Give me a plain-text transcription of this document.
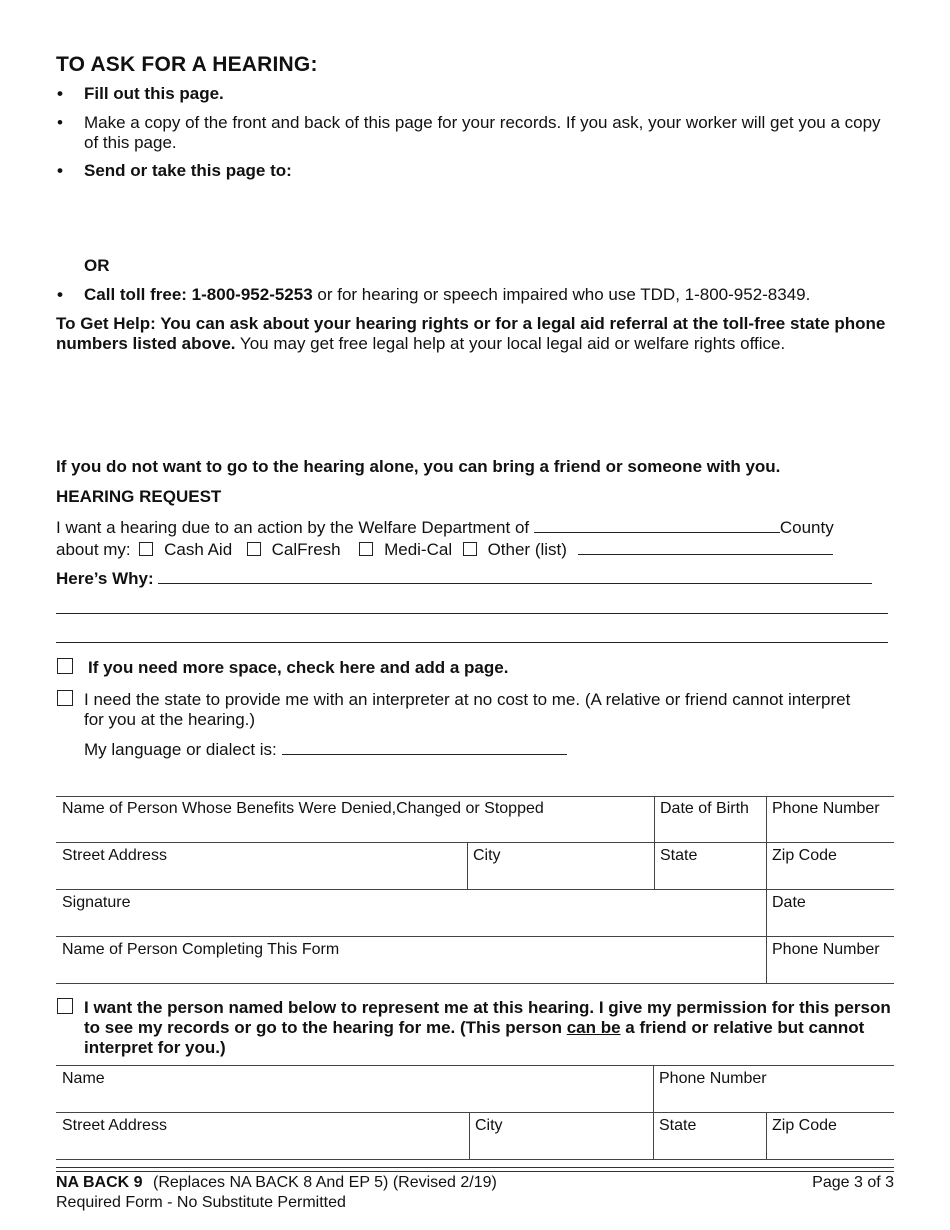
TO ASK FOR A HEARING:
• Fill out this page.
• Make a copy of the front and back of this page for your records. If you ask, your worker will get you a copy of this page.
• Send or take this page to:
OR
• Call toll free: 1-800-952-5253 or for hearing or speech impaired who use TDD, 1-800-952-8349.
To Get Help: You can ask about your hearing rights or for a legal aid referral at the toll-free state phone numbers listed above. You may get free legal help at your local legal aid or welfare rights office.
If you do not want to go to the hearing alone, you can bring a friend or someone with you.
HEARING REQUEST
I want a hearing due to an action by the Welfare Department of	County
about my: Cash Aid CalFresh	Medi-Cal Other (list)
Here’s Why:
If you need more space, check here and add a page.
I need the state to provide me with an interpreter at no cost to me. (A relative or friend cannot interpret for you at the hearing.)
My language or dialect is:
Name of Person Whose Benefits Were Denied,Changed or Stopped	Date of Birth Phone Number
Street Address	City	State	Zip Code
Signature	Date
Name of Person Completing This Form	Phone Number
I want the person named below to represent me at this hearing. I give my permission for this person to see my records or go to the hearing for me. (This person can be a friend or relative but cannot interpret for you.)
Name	Phone Number
Street Address	City	State	Zip Code
NA BACK 9 (Replaces NA BACK 8 And EP 5) (Revised 2/19)	Page 3 of 3
Required Form - No Substitute Permitted
